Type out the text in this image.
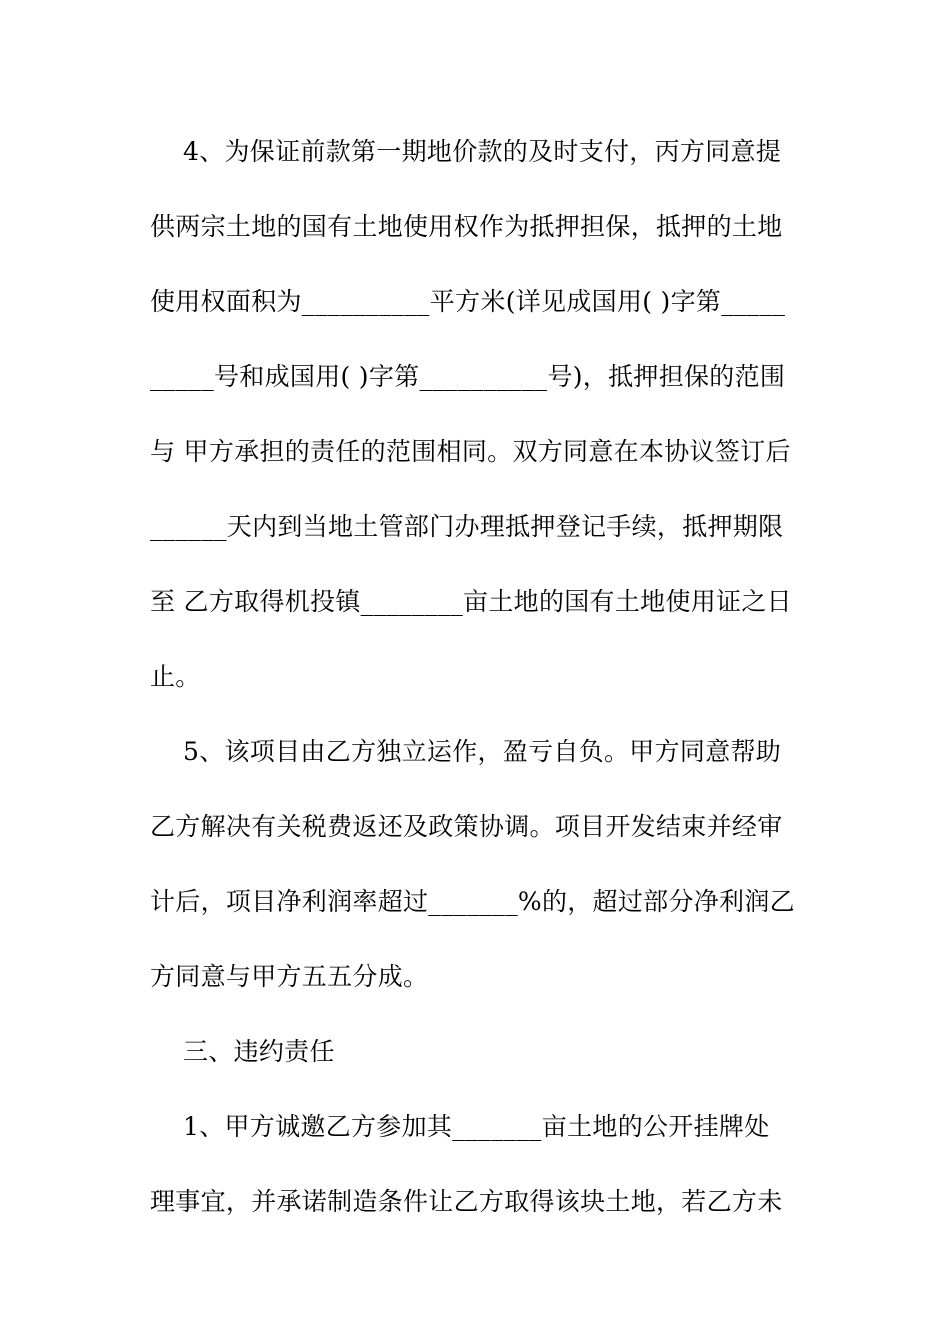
4、为保证前款第一期地价款的及时支付，丙方同意提
供两宗土地的国有土地使用权作为抵押担保，抵押的土地
使用权面积为__________平方米(详见成国用( )字第_____
_____号和成国用( )字第__________号)，抵押担保的范围
与 甲方承担的责任的范围相同。双方同意在本协议签订后
______天内到当地土管部门办理抵押登记手续，抵押期限
至 乙方取得机投镇________亩土地的国有土地使用证之日
止。
5、该项目由乙方独立运作，盈亏自负。甲方同意帮助
乙方解决有关税费返还及政策协调。项目开发结束并经审
计后，项目净利润率超过_______%的，超过部分净利润乙
方同意与甲方五五分成。
三、违约责任
1、甲方诚邀乙方参加其_______亩土地的公开挂牌处
理事宜，并承诺制造条件让乙方取得该块土地，若乙方未
